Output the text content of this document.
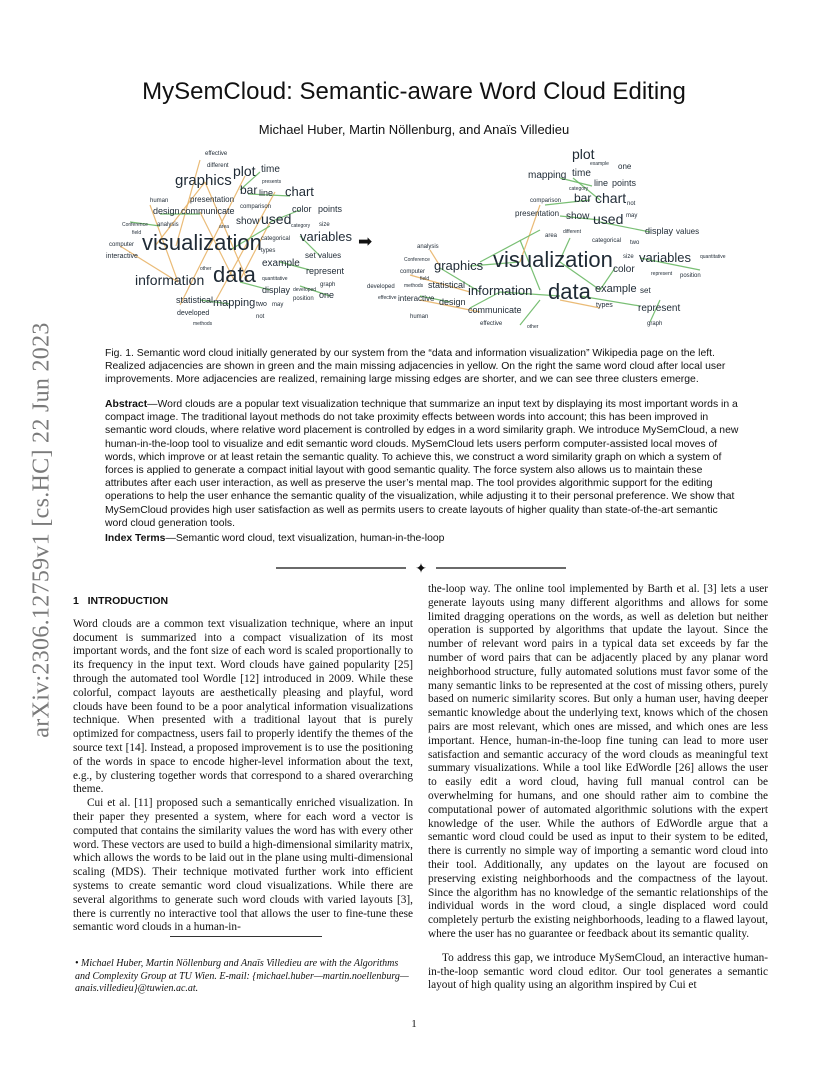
arXiv:2306.12759v1 [cs.HC] 22 Jun 2023
MySemCloud: Semantic-aware Word Cloud Editing
Michael Huber, Martin Nöllenburg, and Anaïs Villedieu
effective
different plot time
graphics	presents
bar line chart
human	presentation
comparison
design communicate	color points
show used
Conference analysis	area	category size
field
categorical variables
computer visualization types
interactive	set values
example
represent
other
information data quantitative
graph
display developed one
position
statistical mapping two may
developed	not
methods
plot
example one
mapping time
line points
category
comparison bar chart not
presentation show used may
area
different	display values
categorical two
analysis
size variables quantitative
Conference graphics visualization color
computer	represent position
field
developed methods statistical information data example set
effective interactive design	types	represent
communicate
human
effective	graph
other
➡
Fig. 1. Semantic word cloud initially generated by our system from the “data and information visualization” Wikipedia page on the left. Realized adjacencies are shown in green and the main missing adjacencies in yellow. On the right the same word cloud after local user improvements. More adjacencies are realized, remaining large missing edges are shorter, and we can see three clusters emerge.
Abstract—Word clouds are a popular text visualization technique that summarize an input text by displaying its most important words in a compact image. The traditional layout methods do not take proximity effects between words into account; this has been improved in semantic word clouds, where relative word placement is controlled by edges in a word similarity graph. We introduce MySemCloud, a new human-in-the-loop tool to visualize and edit semantic word clouds. MySemCloud lets users perform computer-assisted local moves of words, which improve or at least retain the semantic quality. To achieve this, we construct a word similarity graph on which a system of forces is applied to generate a compact initial layout with good semantic quality. The force system also allows us to maintain these attributes after each user interaction, as well as preserve the user’s mental map. The tool provides algorithmic support for the editing operations to help the user enhance the semantic quality of the visualization, while adjusting it to their personal preference. We show that MySemCloud provides high user satisfaction as well as permits users to create layouts of higher quality than state-of-the-art semantic word cloud generation tools.
Index Terms—Semantic word cloud, text visualization, human-in-the-loop
✦

1 INTRODUCTION

Word clouds are a common text visualization technique, where an input document is summarized into a compact visualization of its most important words, and the font size of each word is scaled proportionally to its frequency in the input text. Word clouds have gained popularity [25] through the automated tool Wordle [12] introduced in 2009. While these colorful, compact layouts are aesthetically pleasing and playful, word clouds have been found to be a poor analytical information visualizations technique. When presented with a traditional layout that is purely optimized for compactness, users fail to properly identify the themes of the source text [14]. Instead, a proposed improvement is to use the positioning of the words in space to encode higher-level information about the text, e.g., by clustering together words that correspond to a shared overarching theme.

Cui et al. [11] proposed such a semantically enriched visualization. In their paper they presented a system, where for each word a vector is computed that contains the similarity values the word has with every other word. These vectors are used to build a high-dimensional similarity matrix, which allows the words to be laid out in the plane using multi-dimensional scaling (MDS). Their technique motivated further work into efficient systems to create semantic word cloud visualizations. While there are several algorithms to generate such word clouds with varied layouts [3], there is currently no interactive tool that allows the user to fine-tune these semantic word clouds in a human-in-

the-loop way. The online tool implemented by Barth et al. [3] lets a user generate layouts using many different algorithms and allows for some limited dragging operations on the words, as well as deletion but neither operation is supported by algorithms that update the layout. Since the number of relevant word pairs in a typical data set exceeds by far the number of word pairs that can be adjacently placed by any planar word neighborhood structure, fully automated solutions must favor some of the many semantic links to be represented at the cost of missing others, purely based on numeric similarity scores. But only a human user, having deeper semantic knowledge about the underlying text, knows which of the chosen pairs are most relevant, which ones are missed, and which ones are less important. Hence, human-in-the-loop fine tuning can lead to more user satisfaction and semantic accuracy of the word clouds as meaningful text summary visualizations. While a tool like EdWordle [26] allows the user to easily edit a word cloud, having full manual control can be overwhelming for humans, and one should rather aim to combine the computational power of automated algorithmic solutions with the expert knowledge of the user. While the authors of EdWordle argue that a semantic word cloud could be used as input to their system to be edited, there is currently no simple way of importing a semantic word cloud into their tool. Additionally, any updates on the layout are focused on preserving existing neighborhoods and the compactness of the layout. Since the algorithm has no knowledge of the semantic relationships of the individual words in the word cloud, a single displaced word could completely perturb the existing neighborhoods, leading to a flawed layout, where the user has no guarantee or feedback about its semantic quality.

To address this gap, we introduce MySemCloud, an interactive human-in-the-loop semantic word cloud editor. Our tool generates a semantic layout of high quality using an algorithm inspired by Cui et

• Michael Huber, Martin Nöllenburg and Anaïs Villedieu are with the Algorithms and Complexity Group at TU Wien. E-mail: {michael.huber—martin.noellenburg—anais.villedieu}@tuwien.ac.at.
1
